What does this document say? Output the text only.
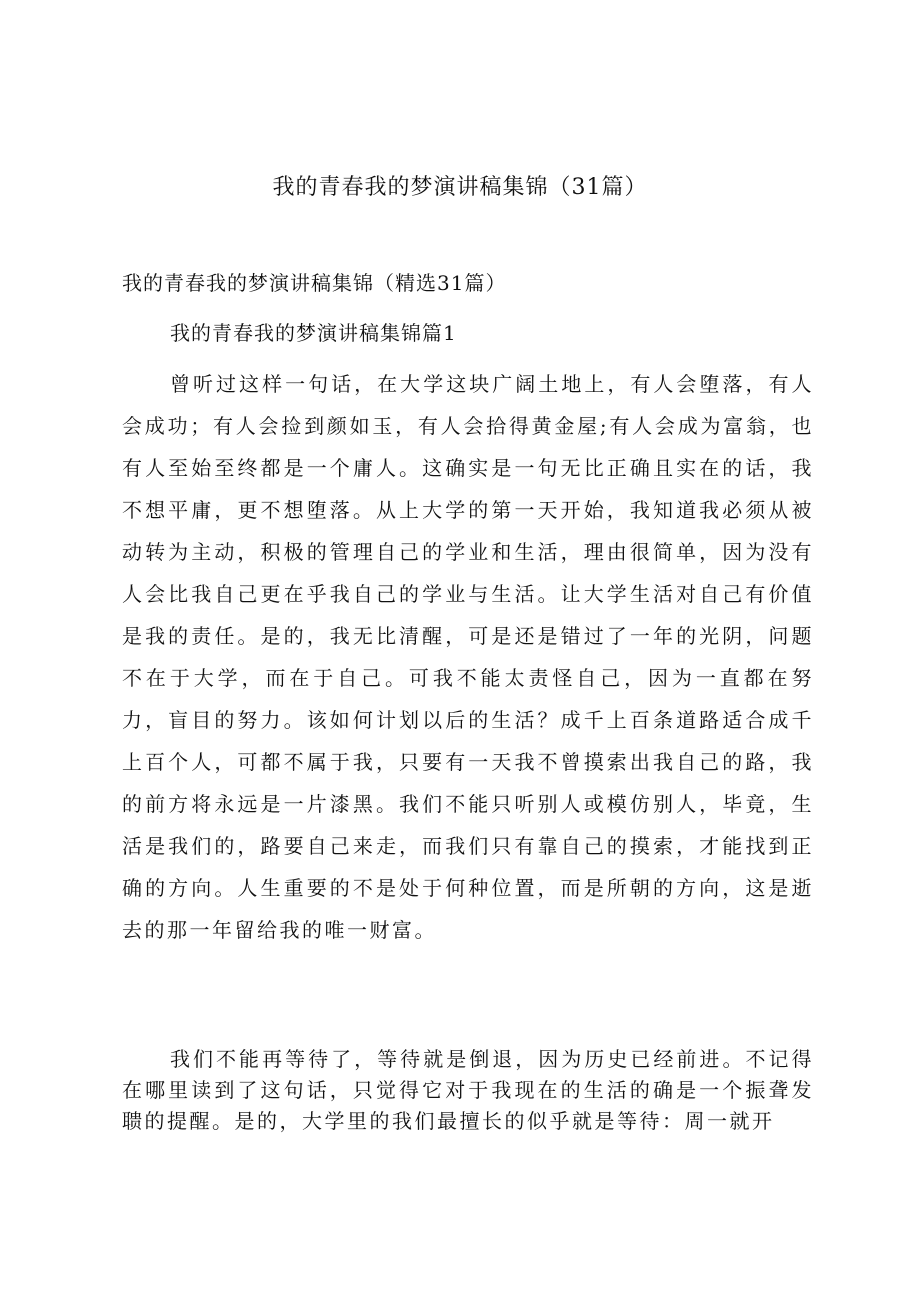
我的青春我的梦演讲稿集锦（31篇）
我的青春我的梦演讲稿集锦（精选31篇）
我的青春我的梦演讲稿集锦篇1
曾听过这样一句话，在大学这块广阔土地上，有人会堕落，有人会成功；有人会捡到颜如玉，有人会拾得黄金屋;有人会成为富翁，也有人至始至终都是一个庸人。这确实是一句无比正确且实在的话，我不想平庸，更不想堕落。从上大学的第一天开始，我知道我必须从被动转为主动，积极的管理自己的学业和生活，理由很简单，因为没有人会比我自己更在乎我自己的学业与生活。让大学生活对自己有价值是我的责任。是的，我无比清醒，可是还是错过了一年的光阴，问题不在于大学，而在于自己。可我不能太责怪自己，因为一直都在努力，盲目的努力。该如何计划以后的生活？成千上百条道路适合成千上百个人，可都不属于我，只要有一天我不曾摸索出我自己的路，我的前方将永远是一片漆黑。我们不能只听别人或模仿别人，毕竟，生活是我们的，路要自己来走，而我们只有靠自己的摸索，才能找到正确的方向。人生重要的不是处于何种位置，而是所朝的方向，这是逝去的那一年留给我的唯一财富。
我们不能再等待了，等待就是倒退，因为历史已经前进。不记得在哪里读到了这句话，只觉得它对于我现在的生活的确是一个振聋发聩的提醒。是的，大学里的我们最擅长的似乎就是等待：周一就开
